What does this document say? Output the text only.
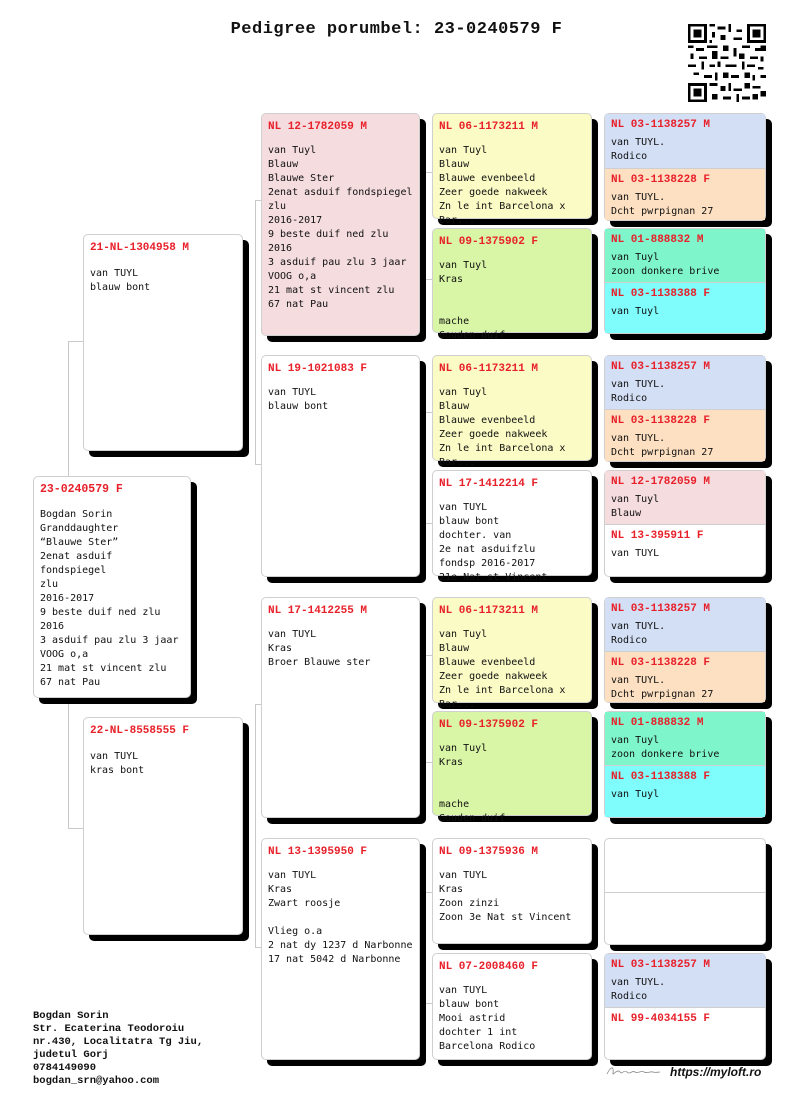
Pedigree porumbel: 23-0240579 F
23-0240579 F
Bogdan Sorin
Granddaughter
“Blauwe Ster”
2enat asduif fondspiegel
zlu
2016-2017
9 beste duif ned zlu
2016
3 asduif pau zlu 3 jaar
VOOG o,a
21 mat st vincent zlu
67 nat Pau
21-NL-1304958 M
van TUYL
blauw bont
22-NL-8558555 F
van TUYL
kras bont
NL 12-1782059 M
van Tuyl
Blauw
Blauwe Ster
2enat asduif fondspiegel
zlu
2016-2017
9 beste duif ned zlu
2016
3 asduif pau zlu 3 jaar
VOOG o,a
21 mat st vincent zlu
67 nat Pau
NL 19-1021083 F
van TUYL
blauw bont
NL 17-1412255 M
van TUYL
Kras
Broer Blauwe ster
NL 13-1395950 F
van TUYL
Kras
Zwart roosje

Vlieg o.a
2 nat dy 1237 d Narbonne
17 nat 5042 d Narbonne
NL 06-1173211 M
van Tuyl
Blauw
Blauwe evenbeeld
Zeer goede nakweek
Zn le int Barcelona x
Bar...
NL 09-1375902 F
van Tuyl
Kras

mache
Gouden duif
NL 06-1173211 M
van Tuyl
Blauw
Blauwe evenbeeld
Zeer goede nakweek
Zn le int Barcelona x
Bar...
NL 17-1412214 F
van TUYL
blauw bont
dochter. van
2e nat asduifzlu
fondsp 2016-2017
21e Nat st Vincent
NL 06-1173211 M
van Tuyl
Blauw
Blauwe evenbeeld
Zeer goede nakweek
Zn le int Barcelona x
Bar...
NL 09-1375902 F
van Tuyl
Kras

mache
Gouden duif
NL 09-1375936 M
van TUYL
Kras
Zoon zinzi
Zoon 3e Nat st Vincent
NL 07-2008460 F
van TUYL
blauw bont
Mooi astrid
dochter 1 int
Barcelona Rodico
NL 03-1138257 M
van TUYL.
Rodico
NL 03-1138228 F
van TUYL.
Dcht pwrpignan 27
NL 01-888832 M
van Tuyl
zoon donkere brive
NL 03-1138388 F
van Tuyl
NL 03-1138257 M
van TUYL.
Rodico
NL 03-1138228 F
van TUYL.
Dcht pwrpignan 27
NL 12-1782059 M
van Tuyl
Blauw
NL 13-395911 F
van TUYL
NL 03-1138257 M
van TUYL.
Rodico
NL 03-1138228 F
van TUYL.
Dcht pwrpignan 27
NL 01-888832 M
van Tuyl
zoon donkere brive
NL 03-1138388 F
van Tuyl
NL 03-1138257 M
van TUYL.
Rodico
NL 99-4034155 F
Bogdan Sorin
Str. Ecaterina Teodoroiu
nr.430, Localitatra Tg Jiu,
judetul Gorj
0784149090
bogdan_srn@yahoo.com
https://myloft.ro
